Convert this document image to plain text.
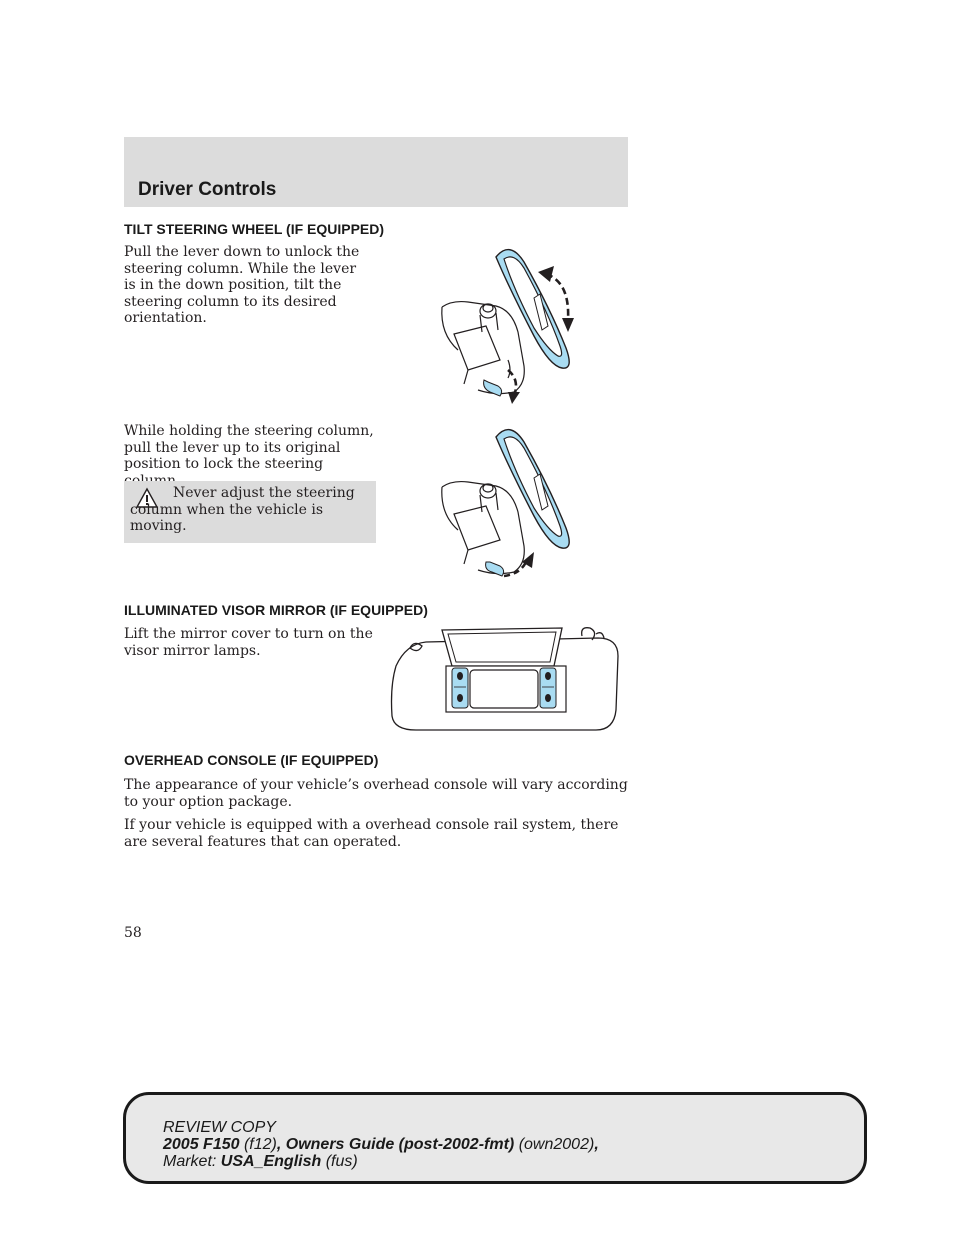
Driver Controls
TILT STEERING WHEEL (IF EQUIPPED)

Pull the lever down to unlock the steering column. While the lever is in the down position, tilt the steering column to its desired orientation.

While holding the steering column, pull the lever up to its original position to lock the steering

Never adjust the steering column when the vehicle is moving.

ILLUMINATED VISOR MIRROR (IF EQUIPPED)

Lift the mirror cover to turn on the visor mirror lamps.

OVERHEAD CONSOLE (IF EQUIPPED)

The appearance of your vehicle’s overhead console will vary according to your option package.

If your vehicle is equipped with a overhead console rail system, there are several features that can operated.

58
REVIEW COPY
2005 F150 (f12), Owners Guide (post-2002-fmt) (own2002),
Market: USA_English (fus)
